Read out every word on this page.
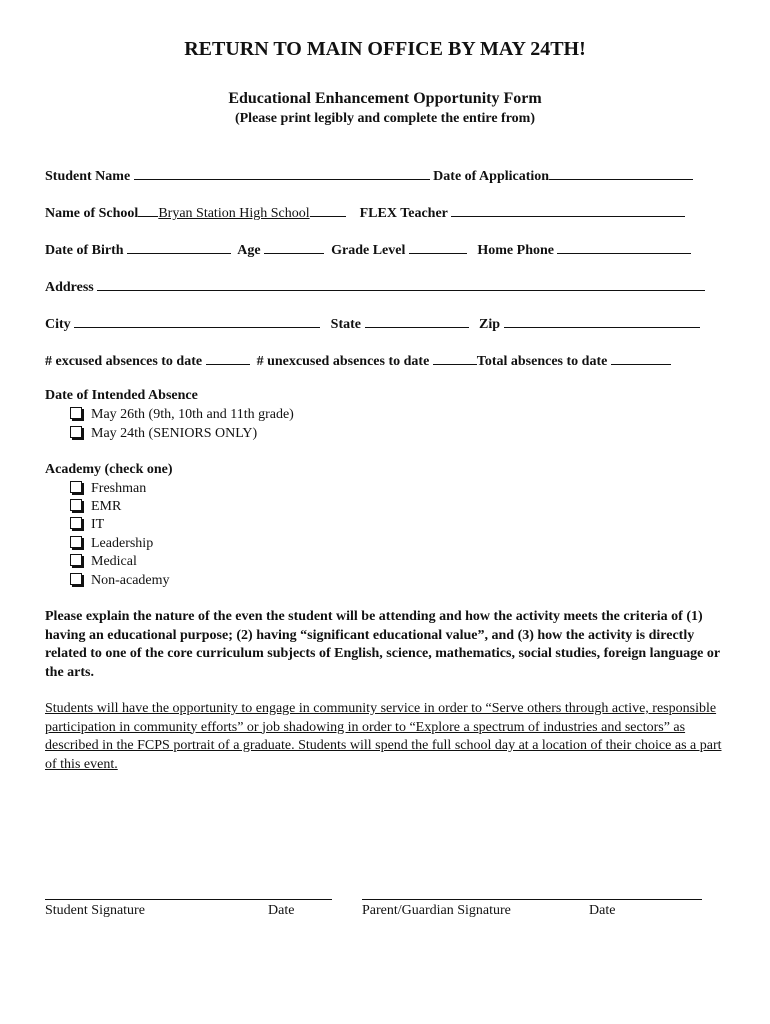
RETURN TO MAIN OFFICE BY MAY 24TH!
Educational Enhancement Opportunity Form
(Please print legibly and complete the entire from)
Student Name	Date of Application
Name of School Bryan Station High School	FLEX Teacher
Date of Birth	Age	Grade Level	Home Phone
Address
City	State	Zip
# excused absences to date	# unexcused absences to date	Total absences to date
Date of Intended Absence
May 26th (9th, 10th and 11th grade)
May 24th (SENIORS ONLY)
Academy (check one)
Freshman
EMR
IT
Leadership
Medical
Non-academy
Please explain the nature of the even the student will be attending and how the activity meets the criteria of (1) having an educational purpose; (2) having “significant educational value”, and (3) how the activity is directly related to one of the core curriculum subjects of English, science, mathematics, social studies, foreign language or the arts.
Students will have the opportunity to engage in community service in order to “Serve others through active, responsible participation in community efforts” or job shadowing in order to “Explore a spectrum of industries and sectors” as described in the FCPS portrait of a graduate. Students will spend the full school day at a location of their choice as a part of this event.
Student Signature	Date	Parent/Guardian Signature	Date
